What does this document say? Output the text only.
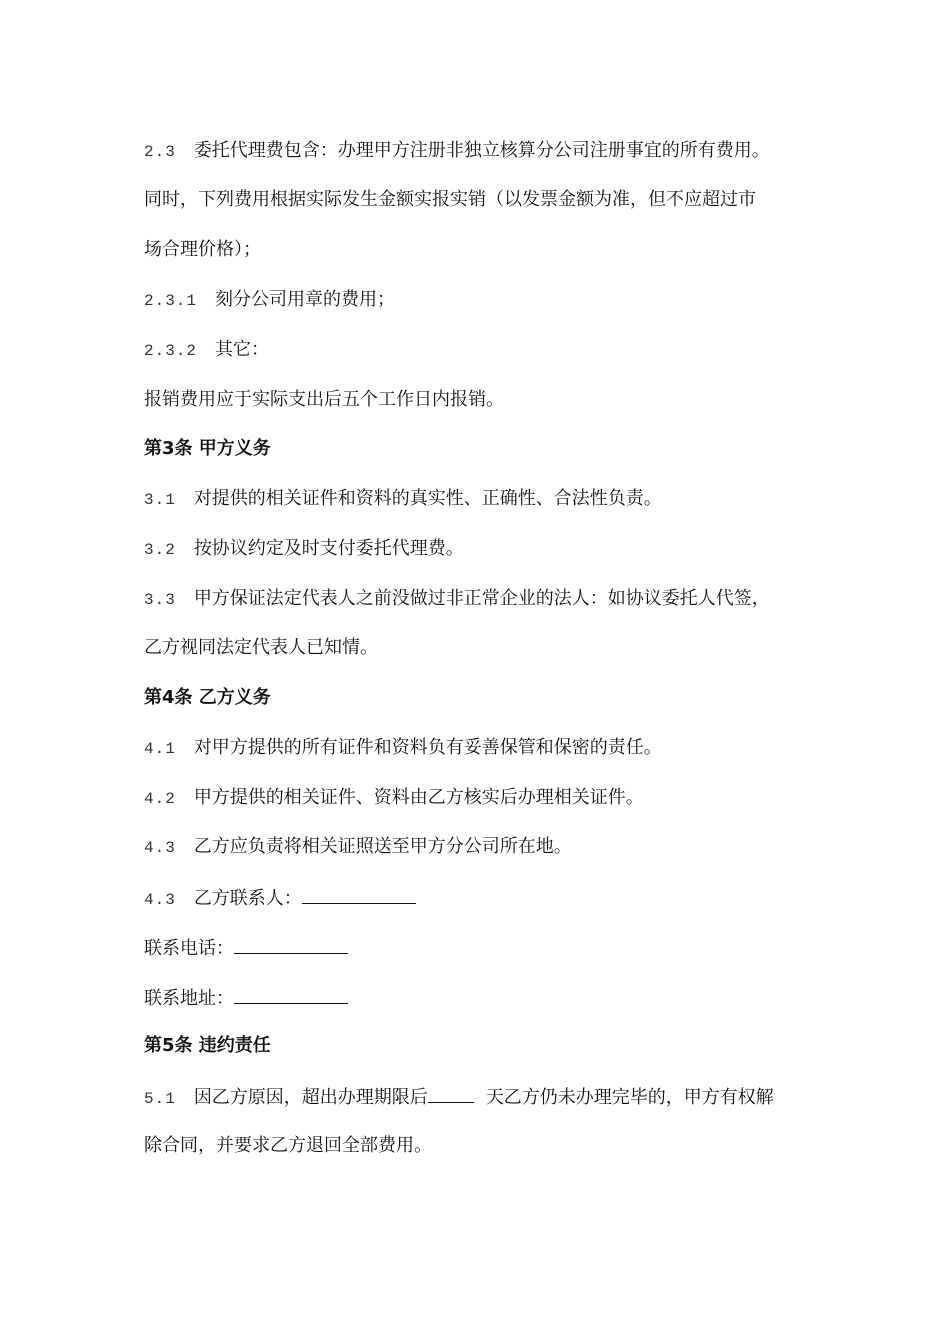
2.3 委托代理费包含：办理甲方注册非独立核算分公司注册事宜的所有费用。
同时，下列费用根据实际发生金额实报实销（以发票金额为准，但不应超过市
场合理价格）；
2.3.1 刻分公司用章的费用；
2.3.2 其它：
报销费用应于实际支出后五个工作日内报销。
第3条 甲方义务
3.1 对提供的相关证件和资料的真实性、正确性、合法性负责。
3.2 按协议约定及时支付委托代理费。
3.3 甲方保证法定代表人之前没做过非正常企业的法人：如协议委托人代签，
乙方视同法定代表人已知情。
第4条 乙方义务
4.1 对甲方提供的所有证件和资料负有妥善保管和保密的责任。
4.2 甲方提供的相关证件、资料由乙方核实后办理相关证件。
4.3 乙方应负责将相关证照送至甲方分公司所在地。
4.3 乙方联系人：
联系电话：
联系地址：
第5条 违约责任
5.1 因乙方原因，超出办理期限后	天乙方仍未办理完毕的，甲方有权解
除合同，并要求乙方退回全部费用。
